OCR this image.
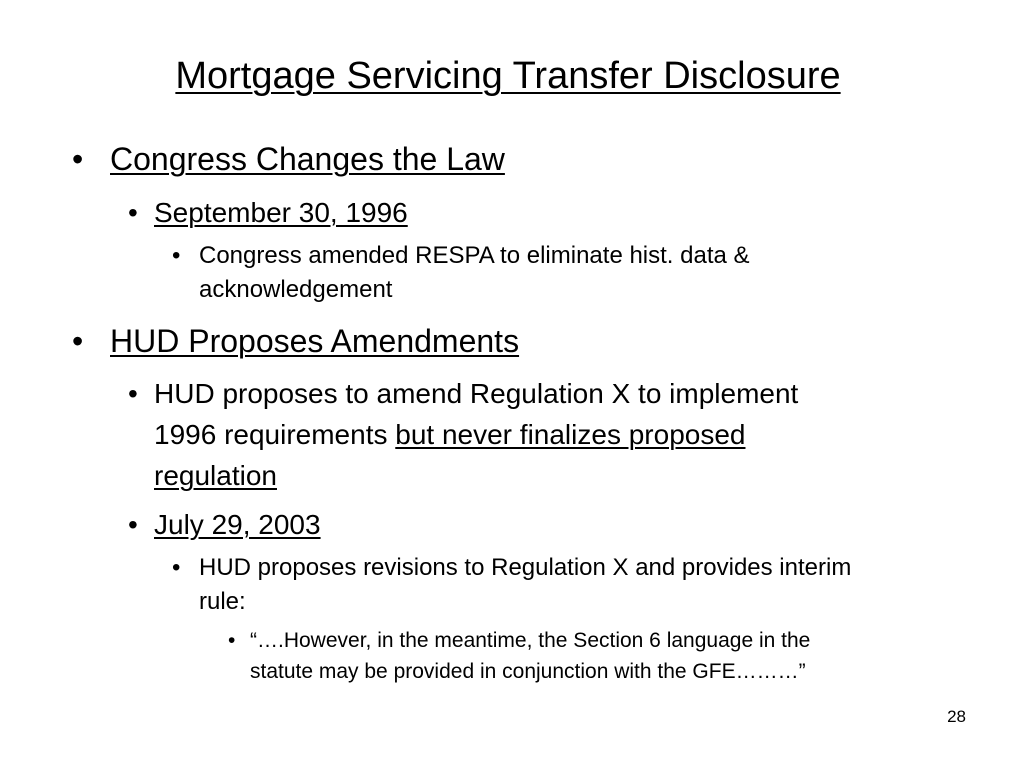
Mortgage Servicing Transfer Disclosure
• Congress Changes the Law
• September 30, 1996
• Congress amended RESPA to eliminate hist. data &
acknowledgement
• HUD Proposes Amendments
• HUD proposes to amend Regulation X to implement
1996 requirements but never finalizes proposed
regulation
• July 29, 2003
• HUD proposes revisions to Regulation X and provides interim
rule:
• “….However, in the meantime, the Section 6 language in the
statute may be provided in conjunction with the GFE………”
28
